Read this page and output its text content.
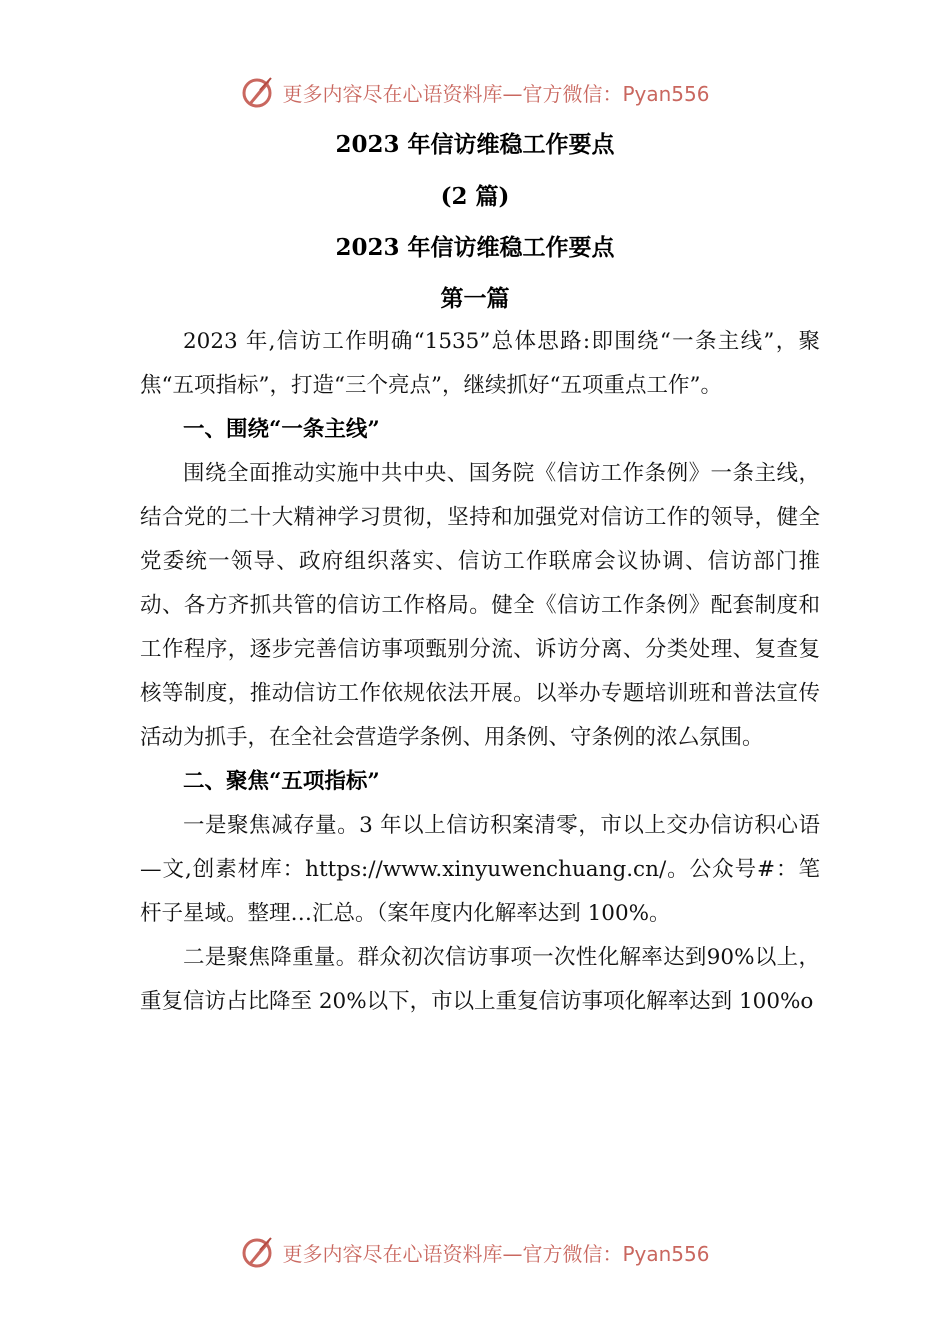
更多内容尽在心语资料库—官方微信：Pyan556
2023 年信访维稳工作要点
(2 篇)
2023 年信访维稳工作要点
第一篇

2023 年,信访工作明确“1535”总体思路:即围绕“一条主线”，聚焦“五项指标”，打造“三个亮点”，继续抓好“五项重点工作”。

一、围绕“一条主线”

围绕全面推动实施中共中央、国务院《信访工作条例》一条主线，结合党的二十大精神学习贯彻，坚持和加强党对信访工作的领导，健全党委统一领导、政府组织落实、信访工作联席会议协调、信访部门推动、各方齐抓共管的信访工作格局。健全《信访工作条例》配套制度和工作程序，逐步完善信访事项甄别分流、诉访分离、分类处理、复查复核等制度，推动信访工作依规依法开展。以举办专题培训班和普法宣传活动为抓手，在全社会营造学条例、用条例、守条例的浓厶氛围。

二、聚焦“五项指标”

一是聚焦减存量。3 年以上信访积案清零，市以上交办信访积心语—文,创素材库：https://www.xinyuwenchuang.cn/。公众号#：笔杆子星域。整理…汇总。（案年度内化解率达到 100%。

二是聚焦降重量。群众初次信访事项一次性化解率达到90%以上，重复信访占比降至 20%以下，市以上重复信访事项化解率达到 100%o

更多内容尽在心语资料库—官方微信：Pyan556
